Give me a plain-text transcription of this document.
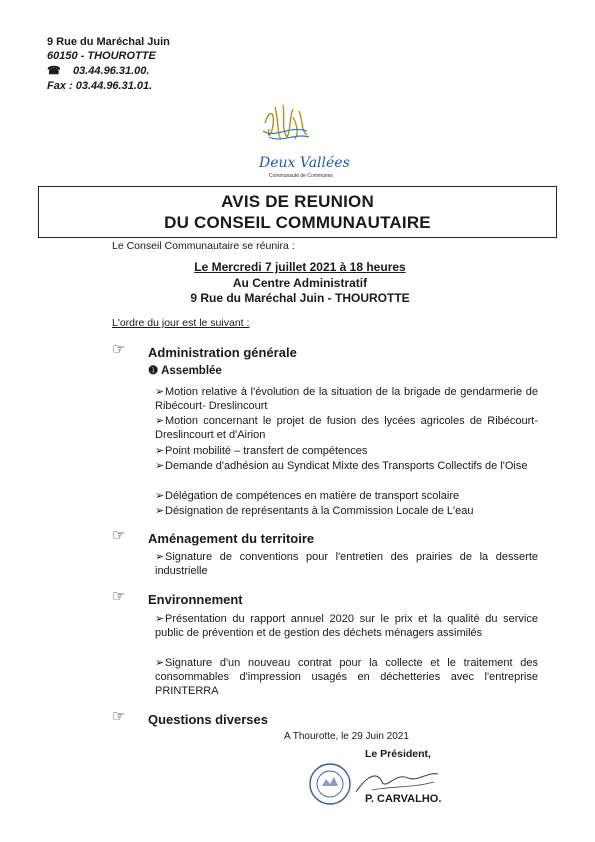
9 Rue du Maréchal Juin
60150 - THOUROTTE
☎ 03.44.96.31.00.
Fax : 03.44.96.31.01.
Deux Vallées
Communauté de Communes
AVIS DE REUNION
DU CONSEIL COMMUNAUTAIRE
Le Conseil Communautaire se réunira :
Le Mercredi 7 juillet 2021 à 18 heures
Au Centre Administratif
9 Rue du Maréchal Juin - THOUROTTE
L'ordre du jour est le suivant :
☞ Administration générale
❶ Assemblée
➢Motion relative à l'évolution de la situation de la brigade de gendarmerie de Ribécourt- Dreslincourt
➢Motion concernant le projet de fusion des lycées agricoles de Ribécourt-Dreslincourt et d'Airion
➢Point mobilité – transfert de compétences
➢Demande d'adhésion au Syndicat Mixte des Transports Collectifs de l'Oise
➢Délégation de compétences en matière de transport scolaire
➢Désignation de représentants à la Commission Locale de L'eau
☞ Aménagement du territoire
➢Signature de conventions pour l'entretien des prairies de la desserte industrielle
☞ Environnement
➢Présentation du rapport annuel 2020 sur le prix et la qualité du service public de prévention et de gestion des déchets ménagers assimilés
➢Signature d'un nouveau contrat pour la collecte et le traitement des consommables d'impression usagés en déchetteries avec l'entreprise PRINTERRA
☞ Questions diverses
A Thourotte, le 29 Juin 2021
Le Président,
P. CARVALHO.
